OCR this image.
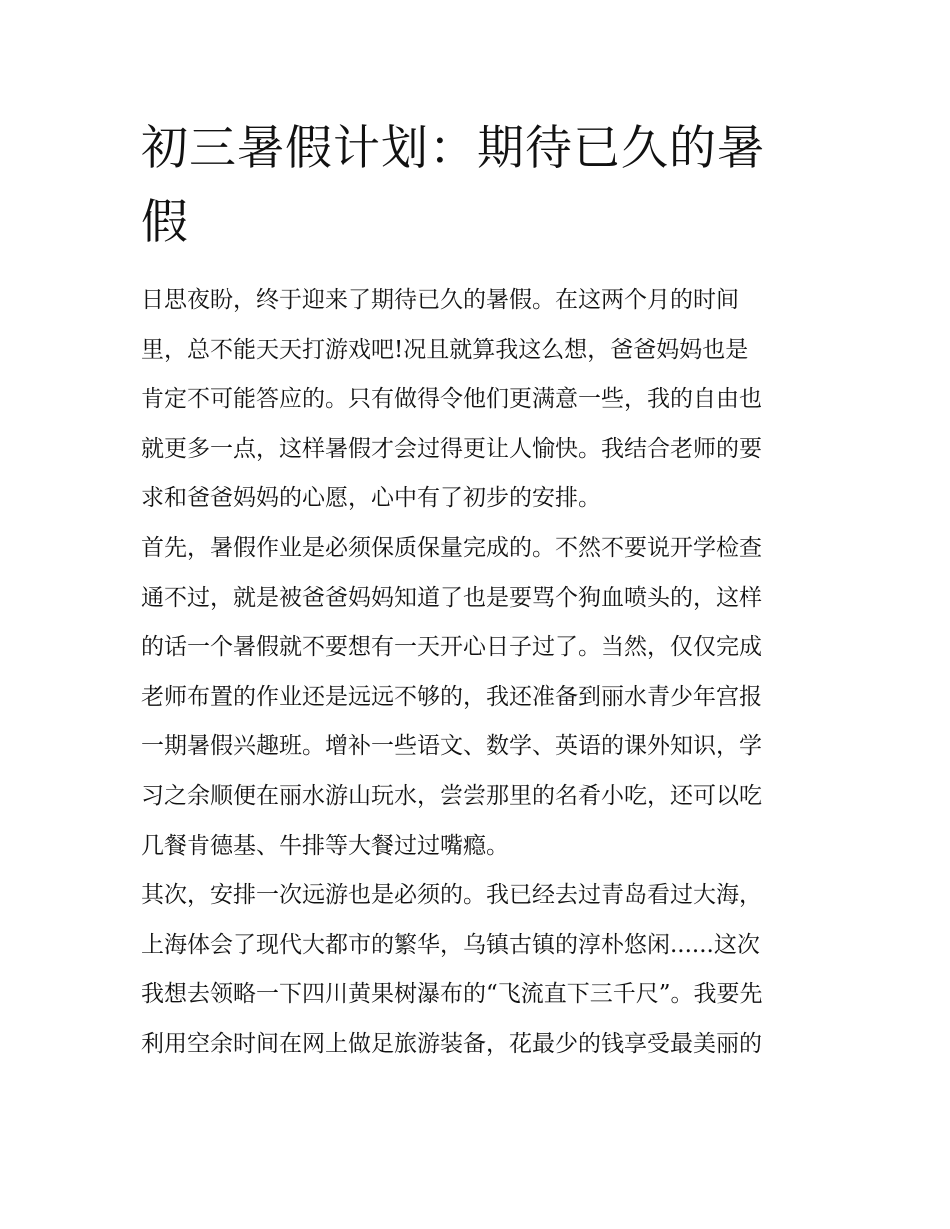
初三暑假计划：期待已久的暑
假

日思夜盼，终于迎来了期待已久的暑假。在这两个月的时间
里，总不能天天打游戏吧!况且就算我这么想，爸爸妈妈也是
肯定不可能答应的。只有做得令他们更满意一些，我的自由也
就更多一点，这样暑假才会过得更让人愉快。我结合老师的要
求和爸爸妈妈的心愿，心中有了初步的安排。

首先，暑假作业是必须保质保量完成的。不然不要说开学检查
通不过，就是被爸爸妈妈知道了也是要骂个狗血喷头的，这样
的话一个暑假就不要想有一天开心日子过了。当然，仅仅完成
老师布置的作业还是远远不够的，我还准备到丽水青少年宫报
一期暑假兴趣班。增补一些语文、数学、英语的课外知识，学
习之余顺便在丽水游山玩水，尝尝那里的名肴小吃，还可以吃
几餐肯德基、牛排等大餐过过嘴瘾。

其次，安排一次远游也是必须的。我已经去过青岛看过大海，
上海体会了现代大都市的繁华，乌镇古镇的淳朴悠闲......这次
我想去领略一下四川黄果树瀑布的“飞流直下三千尺”。我要先
利用空余时间在网上做足旅游装备，花最少的钱享受最美丽的
